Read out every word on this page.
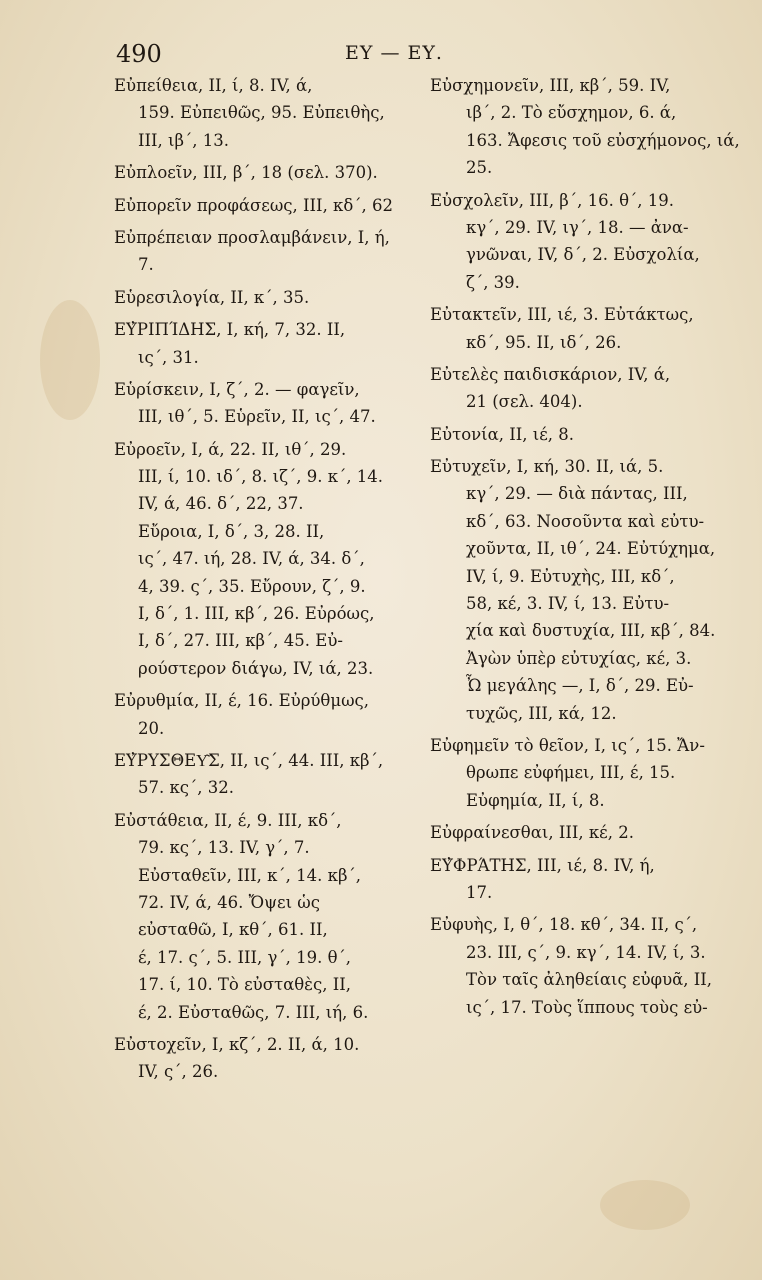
490	ΕΥ — ΕΥ.
Εὐπείθεια, II, ί, 8. IV, ά,
159. Εὐπειθῶς, 95. Εὐπειθὴς,
III, ιβ΄, 13.
Εὐπλοεῖν, III, β΄, 18 (σελ. 370).
Εὐπορεῖν προφάσεως, III, κδ΄, 62
Εὐπρέπειαν προσλαμβάνειν, I, ή,
7.
Εὑρεσιλογία, II, κ΄, 35.
ΕΥ̓ΡΙΠΊΔΗΣ, I, κή, 7, 32. II,
ις΄, 31.
Εὑρίσκειν, I, ζ΄, 2. — φαγεῖν,
III, ιθ΄, 5. Εὑρεῖν, II, ις΄, 47.
Εὐροεῖν, I, ά, 22. II, ιθ΄, 29.
III, ί, 10. ιδ΄, 8. ιζ΄, 9. κ΄, 14.
IV, ά, 46. δ΄, 22, 37.
Εὔροια, I, δ΄, 3, 28. II,
ις΄, 47. ιή, 28. IV, ά, 34. δ΄,
4, 39. ς΄, 35. Εὔρουν, ζ΄, 9.
I, δ΄, 1. III, κβ΄, 26. Εὐρόως,
I, δ΄, 27. III, κβ΄, 45. Εὐ-
ρούστερον διάγω, IV, ιά, 23.
Εὐρυθμία, II, έ, 16. Εὐρύθμως,
20.
ΕΥ̓ΡΥΣΘΕΥ͂Σ, II, ις΄, 44. III, κβ΄,
57. κς΄, 32.
Εὐστάθεια, II, έ, 9. III, κδ΄,
79. κς΄, 13. IV, γ΄, 7.
Εὐσταθεῖν, III, κ΄, 14. κβ΄,
72. IV, ά, 46. Ὄψει ὡς
εὐσταθῶ, I, κθ΄, 61. II,
έ, 17. ς΄, 5. III, γ΄, 19. θ΄,
17. ί, 10. Τὸ εὐσταθὲς, II,
έ, 2. Εὐσταθῶς, 7. III, ιή, 6.
Εὐστοχεῖν, I, κζ΄, 2. II, ά, 10.
IV, ς΄, 26.
Εὐσχημονεῖν, III, κβ΄, 59. IV,
ιβ΄, 2. Τὸ εὔσχημον, 6. ά,
163. Ἄφεσις τοῦ εὐσχήμονος, ιά,
25.
Εὐσχολεῖν, III, β΄, 16. θ΄, 19.
κγ΄, 29. IV, ιγ΄, 18. — ἀνα-
γνῶναι, IV, δ΄, 2. Εὐσχολία,
ζ΄, 39.
Εὐτακτεῖν, III, ιέ, 3. Εὐτάκτως,
κδ΄, 95. II, ιδ΄, 26.
Εὐτελὲς παιδισκάριον, IV, ά,
21 (σελ. 404).
Εὐτονία, II, ιέ, 8.
Εὐτυχεῖν, I, κή, 30. II, ιά, 5.
κγ΄, 29. — διὰ πάντας, III,
κδ΄, 63. Νοσοῦντα καὶ εὐτυ-
χοῦντα, II, ιθ΄, 24. Εὐτύχημα,
IV, ί, 9. Εὐτυχὴς, III, κδ΄,
58, κέ, 3. IV, ί, 13. Εὐτυ-
χία καὶ δυστυχία, III, κβ΄, 84.
Ἀγὼν ὑπὲρ εὐτυχίας, κέ, 3.
Ὦ μεγάλης —, I, δ΄, 29. Εὐ-
τυχῶς, III, κά, 12.
Εὐφημεῖν τὸ θεῖον, I, ις΄, 15. Ἄν-
θρωπε εὐφήμει, III, έ, 15.
Εὐφημία, II, ί, 8.
Εὐφραίνεσθαι, III, κέ, 2.
ΕΥ̓ΦΡΆΤΗΣ, III, ιέ, 8. IV, ή,
17.
Εὐφυὴς, I, θ΄, 18. κθ΄, 34. II, ς΄,
23. III, ς΄, 9. κγ΄, 14. IV, ί, 3.
Τὸν ταῖς ἀληθείαις εὐφυᾶ, II,
ις΄, 17. Τοὺς ἵππους τοὺς εὐ-
